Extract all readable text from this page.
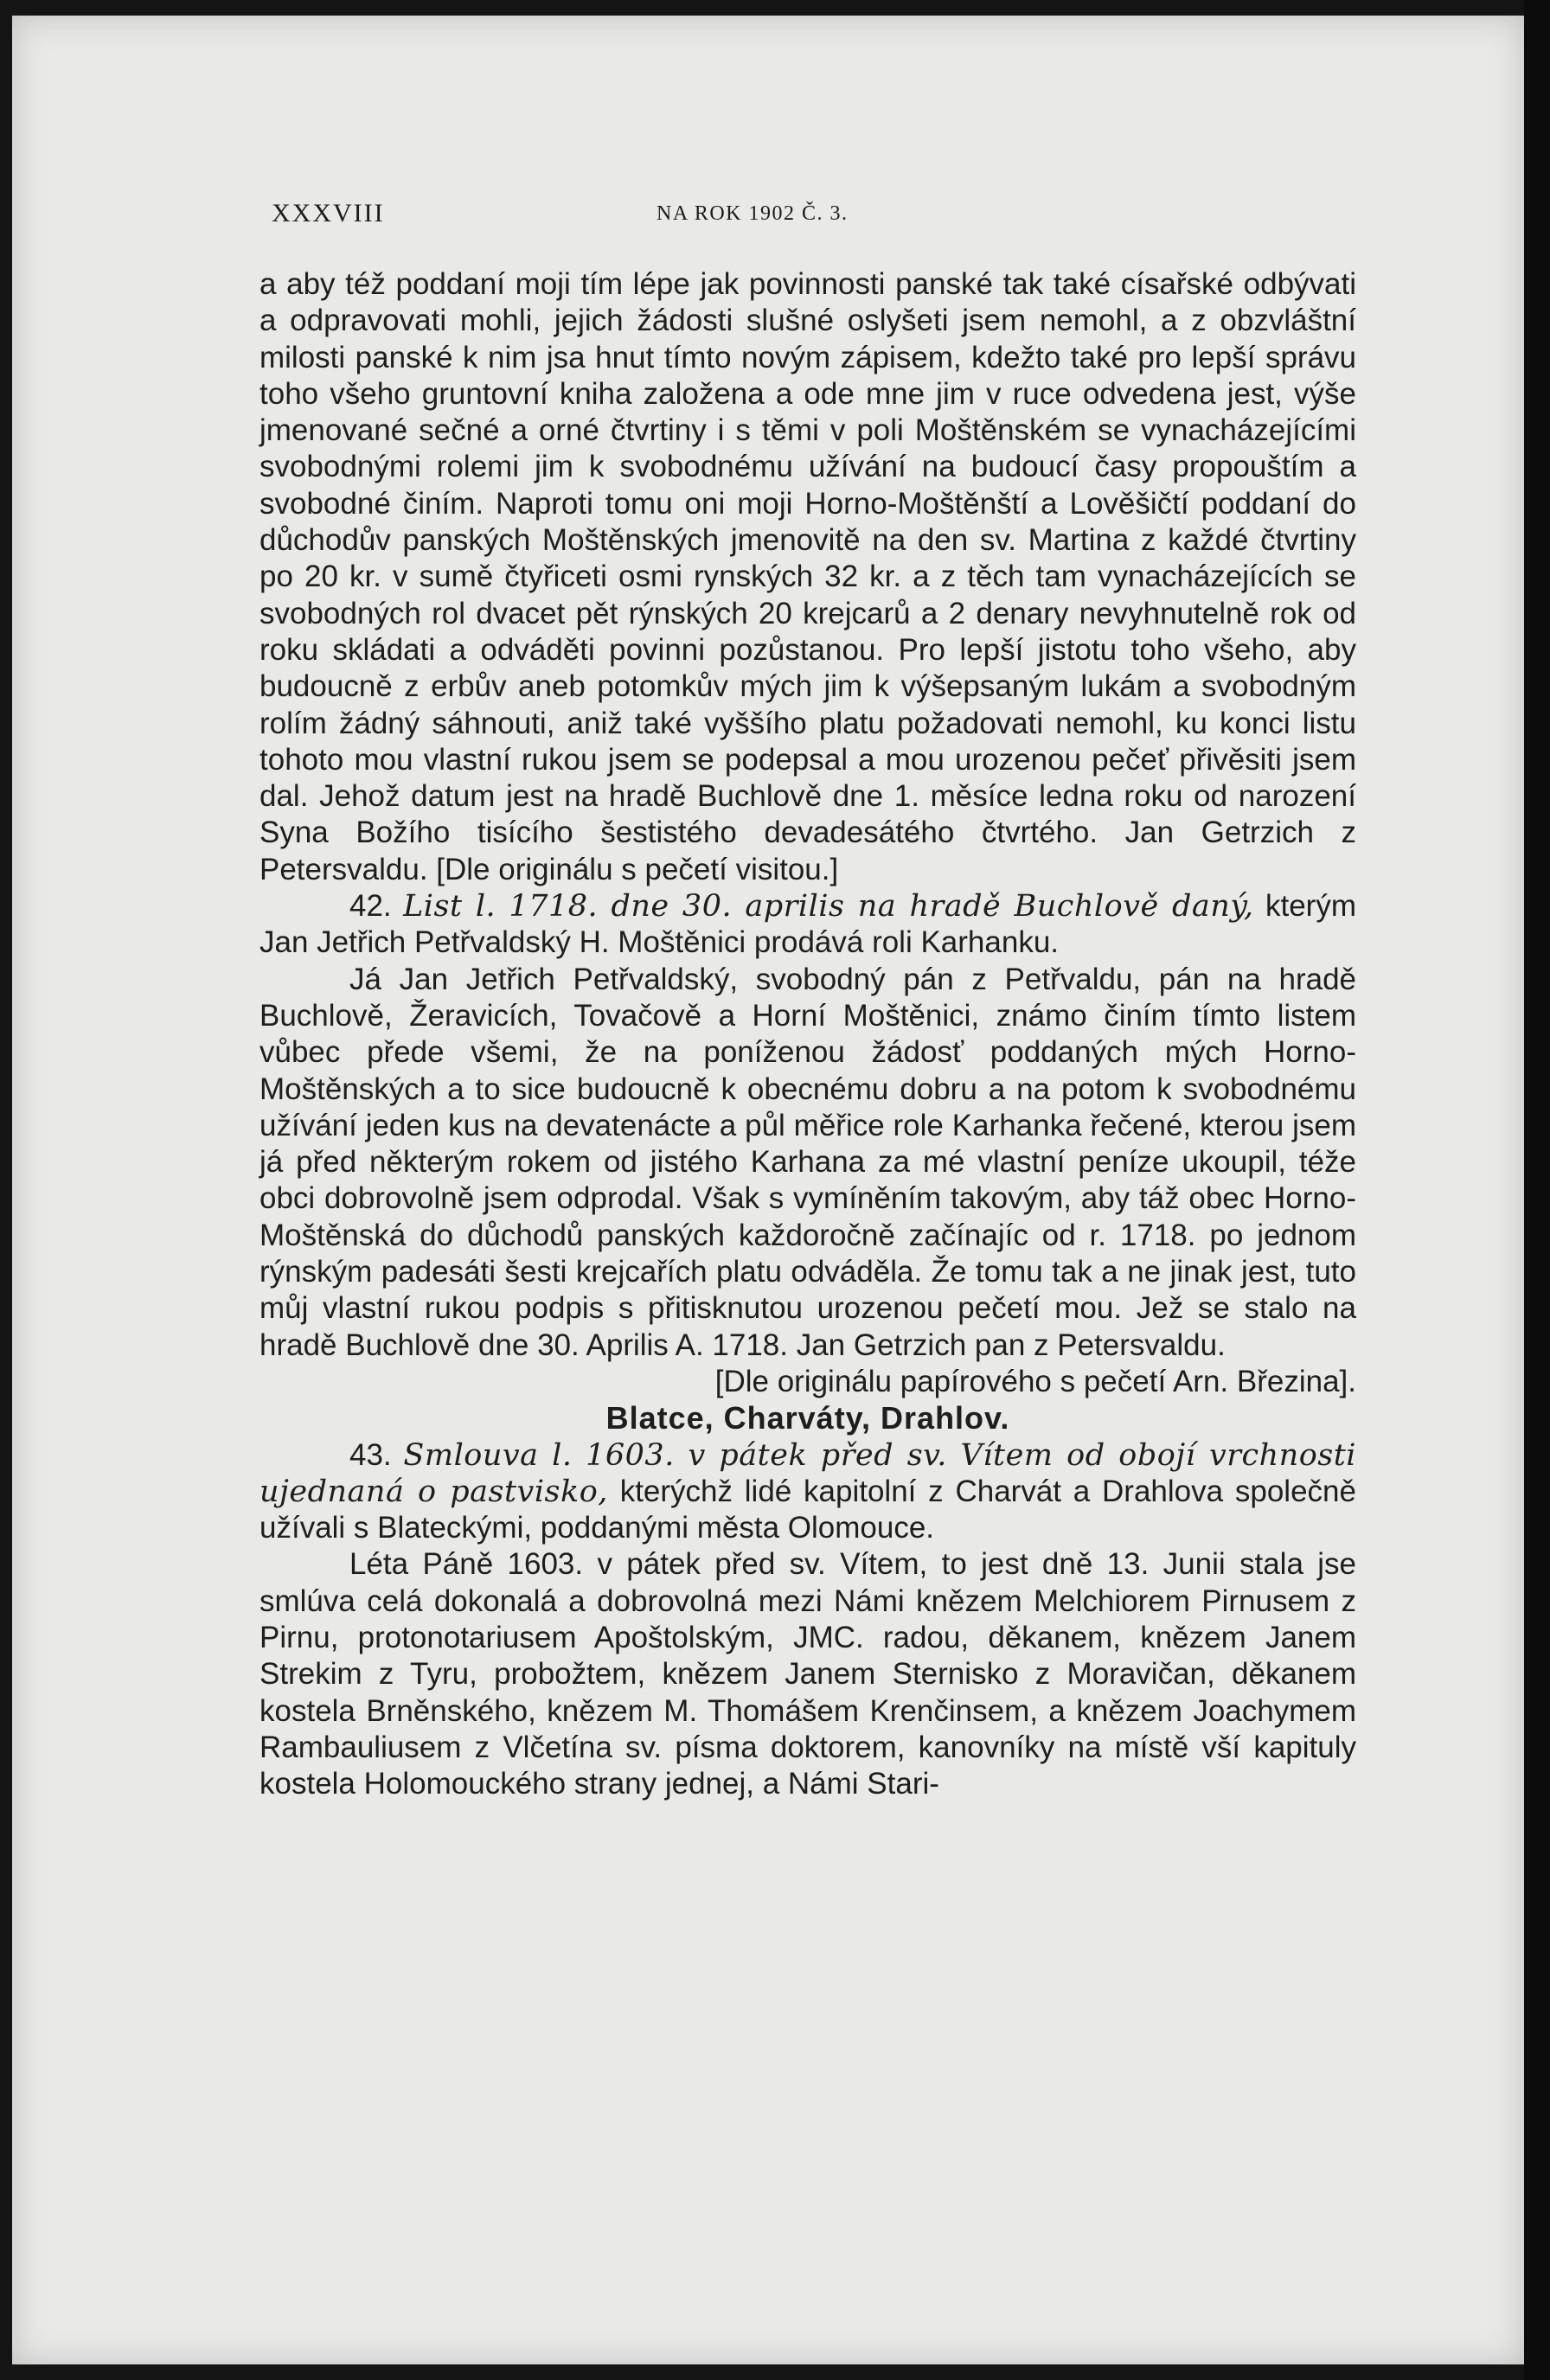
XXXVIII	NA ROK 1902 Č. 3.

a aby též poddaní moji tím lépe jak povinnosti panské tak také císařské odbývati a odpravovati mohli, jejich žádosti slušné oslyšeti jsem nemohl, a z obzvláštní milosti panské k nim jsa hnut tímto novým zápisem, kdežto také pro lepší správu toho všeho gruntovní kniha založena a ode mne jim v ruce odvedena jest, výše jmenované sečné a orné čtvrtiny i s těmi v poli Moštěnském se vynacházejícími svobodnými rolemi jim k svobodnému užívání na budoucí časy propouštím a svobodné činím. Naproti tomu oni moji Horno-Moštěnští a Lověšičtí poddaní do důchodův panských Moštěnských jmenovitě na den sv. Martina z každé čtvrtiny po 20 kr. v sumě čtyřiceti osmi rynských 32 kr. a z těch tam vynacházejících se svobodných rol dvacet pět rýnských 20 krejcarů a 2 denary nevyhnutelně rok od roku skládati a odváděti povinni pozůstanou. Pro lepší jistotu toho všeho, aby budoucně z erbův aneb potomkův mých jim k výšepsaným lukám a svobodným rolím žádný sáhnouti, aniž také vyššího platu požadovati nemohl, ku konci listu tohoto mou vlastní rukou jsem se podepsal a mou urozenou pečeť přivěsiti jsem dal. Jehož datum jest na hradě Buchlově dne 1. měsíce ledna roku od narození Syna Božího tisícího šestistého devadesátého čtvrtého. Jan Getrzich z Petersvaldu. [Dle originálu s pečetí visitou.]

42. List l. 1718. dne 30. aprilis na hradě Buchlově daný, kterým Jan Jetřich Petřvaldský H. Moštěnici prodává roli Karhanku.

Já Jan Jetřich Petřvaldský, svobodný pán z Petřvaldu, pán na hradě Buchlově, Žeravicích, Tovačově a Horní Moštěnici, známo činím tímto listem vůbec přede všemi, že na poníženou žádosť poddaných mých Horno-Moštěnských a to sice budoucně k obecnému dobru a na potom k svobodnému užívání jeden kus na devatenácte a půl měřice role Karhanka řečené, kterou jsem já před některým rokem od jistého Karhana za mé vlastní peníze ukoupil, téže obci dobrovolně jsem odprodal. Však s vymíněním takovým, aby táž obec Horno-Moštěnská do důchodů panských každoročně začínajíc od r. 1718. po jednom rýnským padesáti šesti krejcařích platu odváděla. Že tomu tak a ne jinak jest, tuto můj vlastní rukou podpis s přitisknutou urozenou pečetí mou. Jež se stalo na hradě Buchlově dne 30. Aprilis A. 1718. Jan Getrzich pan z Petersvaldu.

[Dle originálu papírového s pečetí Arn. Březina].

Blatce, Charváty, Drahlov.

43. Smlouva l. 1603. v pátek před sv. Vítem od obojí vrchnosti ujednaná o pastvisko, kterýchž lidé kapitolní z Charvát a Drahlova společně užívali s Blateckými, poddanými města Olomouce.

Léta Páně 1603. v pátek před sv. Vítem, to jest dně 13. Junii stala jse smlúva celá dokonalá a dobrovolná mezi Námi knězem Melchiorem Pirnusem z Pirnu, protonotariusem Apoštolským, JMC. radou, děkanem, knězem Janem Strekim z Tyru, probožtem, knězem Janem Sternisko z Moravičan, děkanem kostela Brněnského, knězem M. Thomášem Krenčinsem, a knězem Joachymem Rambauliusem z Vlčetína sv. písma doktorem, kanovníky na místě vší kapituly kostela Holomouckého strany jednej, a Námi Stari-
